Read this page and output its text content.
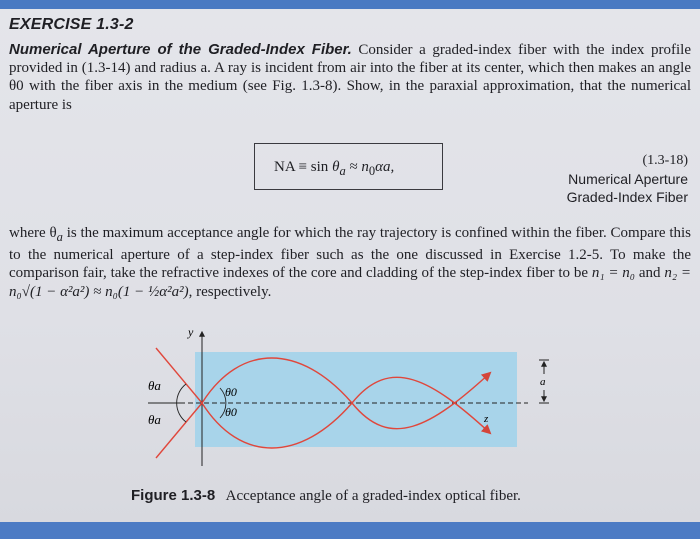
EXERCISE 1.3-2
Numerical Aperture of the Graded-Index Fiber. Consider a graded-index fiber with the index profile provided in (1.3-14) and radius a. A ray is incident from air into the fiber at its center, which then makes an angle θ0 with the fiber axis in the medium (see Fig. 1.3-8). Show, in the paraxial approximation, that the numerical aperture is
NA ≡ $\sin \theta_a \approx n_0\alpha a$,	(1.3-18)
Numerical Aperture
Graded-Index Fiber
where $\theta_a$ is the maximum acceptance angle for which the ray trajectory is confined within the fiber. Compare this to the numerical aperture of a step-index fiber such as the one discussed in Exercise 1.2-5. To make the comparison fair, take the refractive indexes of the core and cladding of the step-index fiber to be n₁ = n₀ and n₂ = n₀√(1 − α²a²) ≈ n₀(1 − ½α²a²), respectively.
y
θa
θa
θ0
θ0	z
a
Figure 1.3-8 Acceptance angle of a graded-index optical fiber.
